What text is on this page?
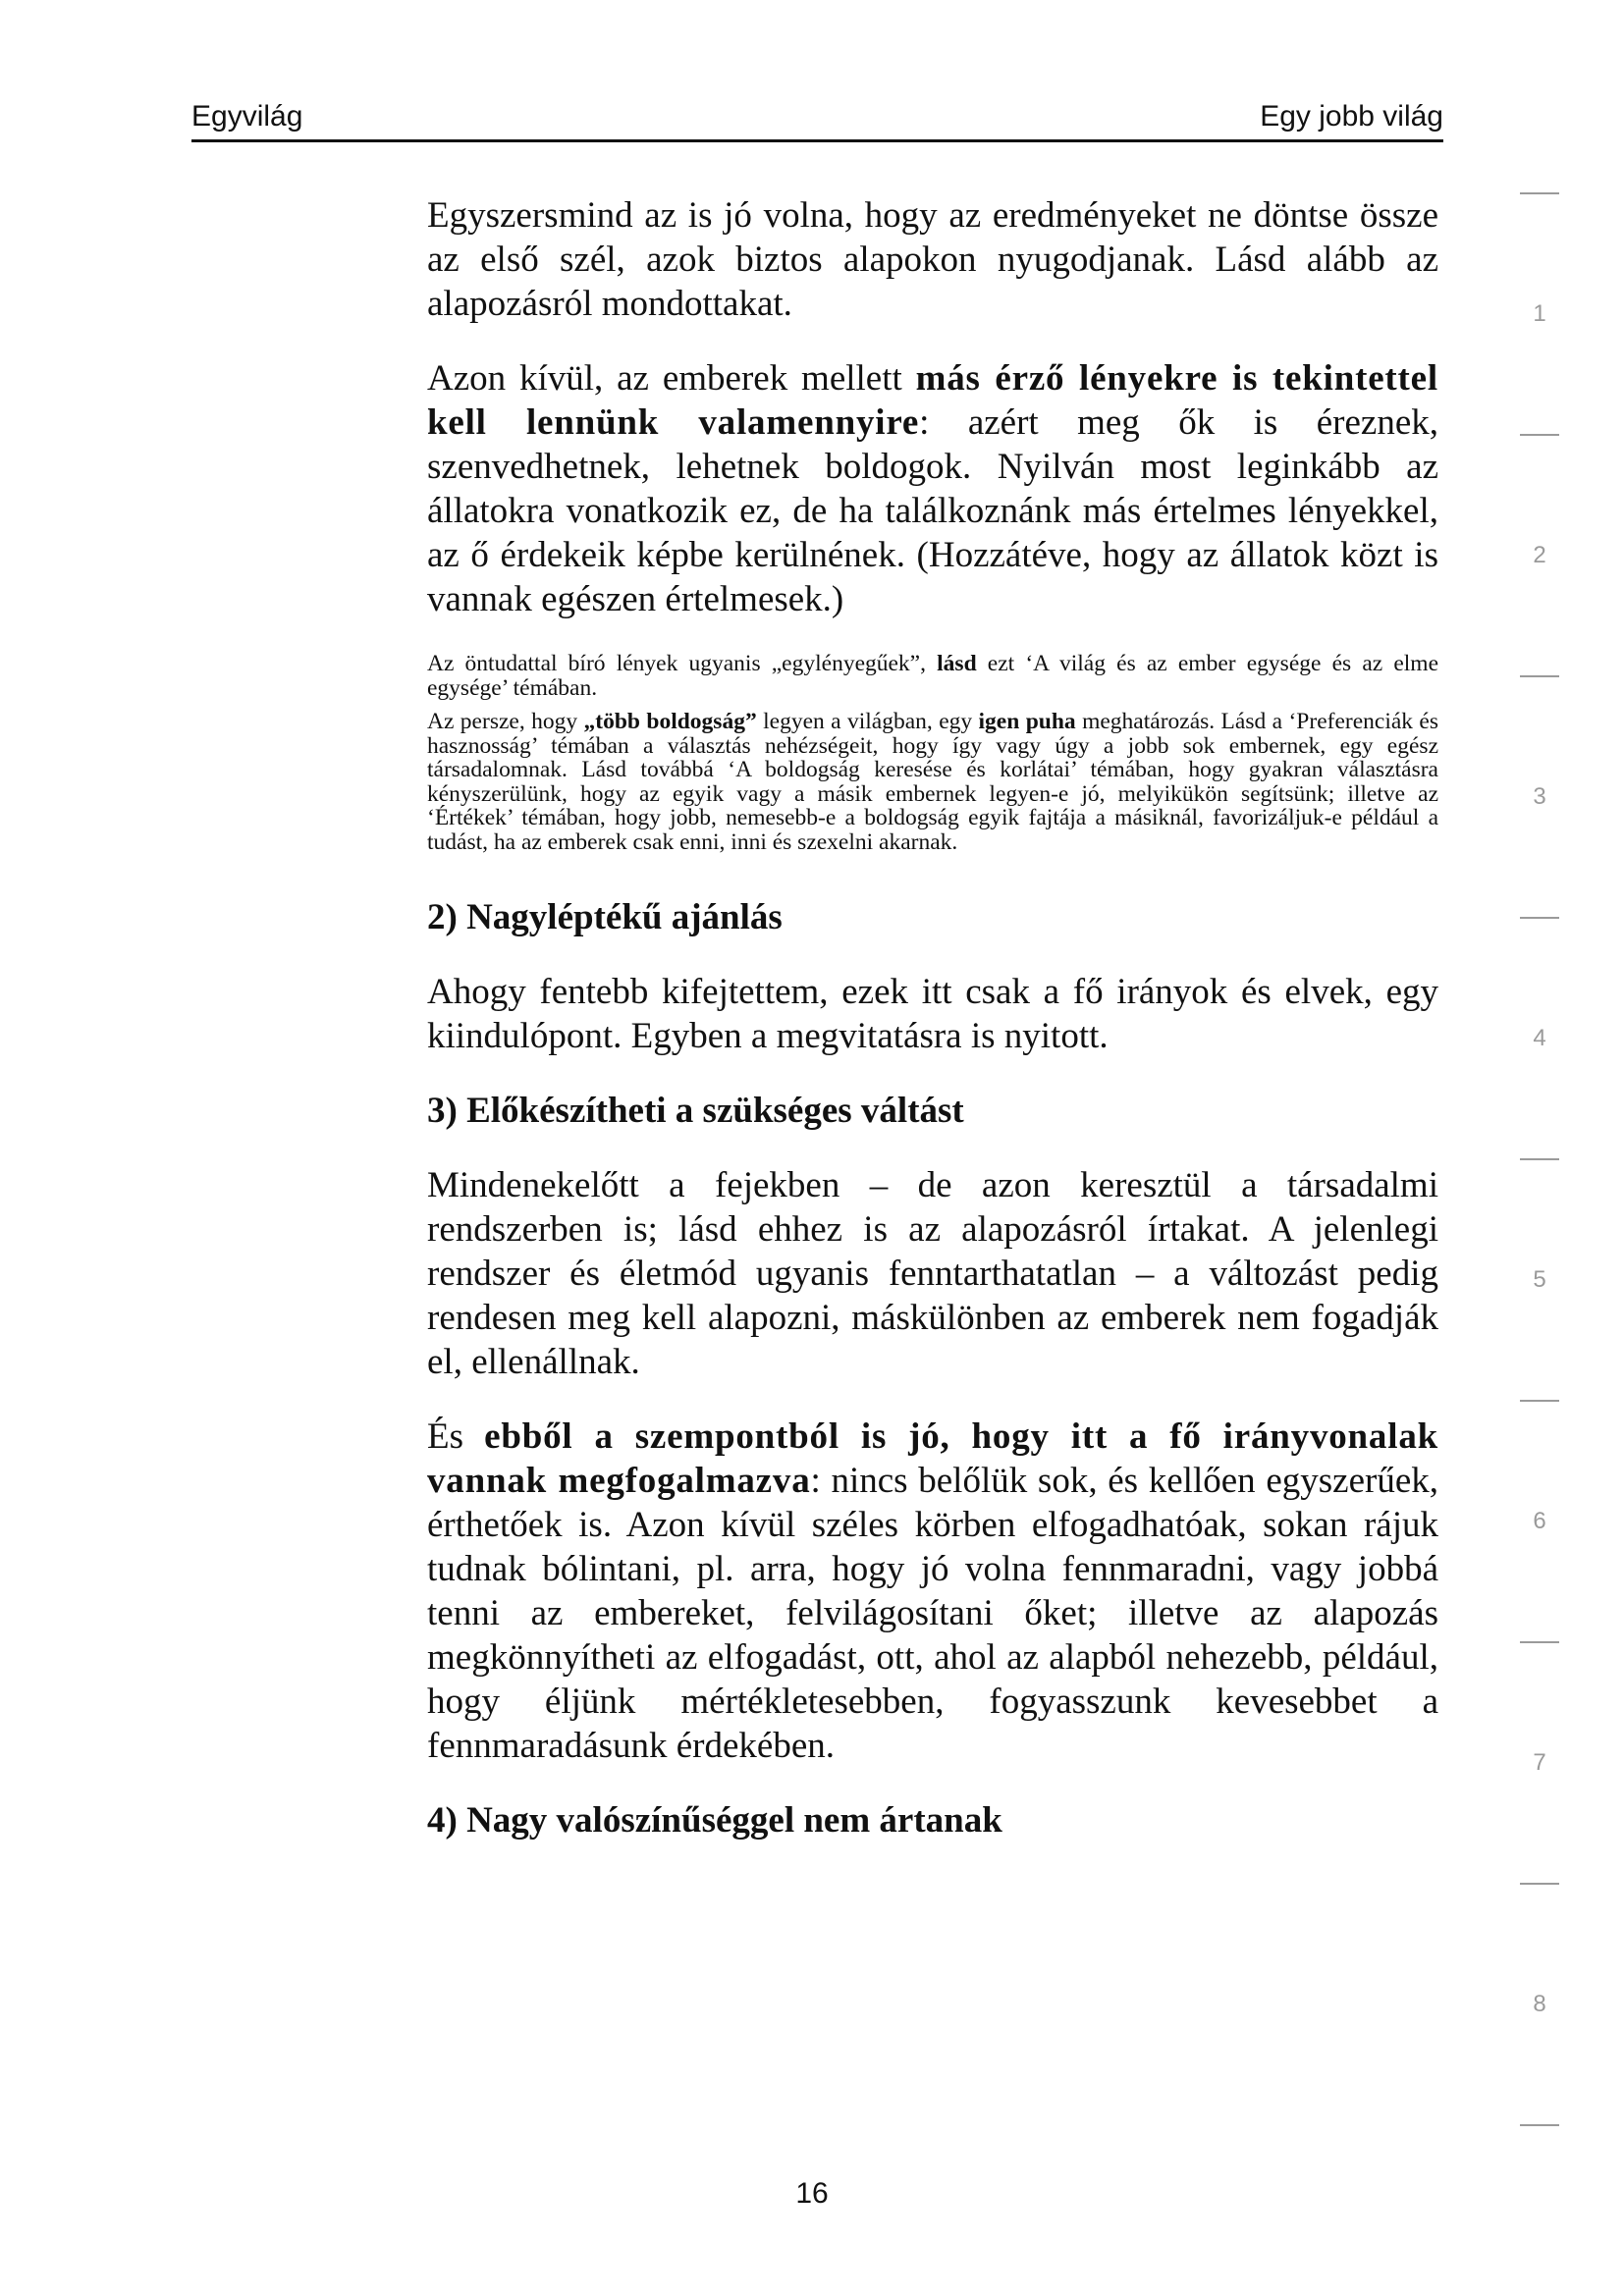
Egyvilág	Egy jobb világ

Egyszersmind az is jó volna, hogy az eredményeket ne döntse össze az első szél, azok biztos alapokon nyugodjanak. Lásd alább az alapozásról mondottakat.

Azon kívül, az emberek mellett más érző lényekre is tekintettel kell lennünk valamennyire: azért meg ők is éreznek, szenvedhetnek, lehetnek boldogok. Nyilván most leginkább az állatokra vonatkozik ez, de ha találkoznánk más értelmes lényekkel, az ő érdekeik képbe kerülnének. (Hozzátéve, hogy az állatok közt is vannak egészen értelmesek.)

Az öntudattal bíró lények ugyanis „egylényegűek”, lásd ezt ‘A világ és az ember egysége és az elme egysége’ témában.

Az persze, hogy „több boldogság” legyen a világban, egy igen puha meghatározás. Lásd a ‘Preferenciák és hasznosság’ témában a választás nehézségeit, hogy így vagy úgy a jobb sok embernek, egy egész társadalomnak. Lásd továbbá ‘A boldogság keresése és korlátai’ témában, hogy gyakran választásra kényszerülünk, hogy az egyik vagy a másik embernek legyen-e jó, melyikükön segítsünk; illetve az ‘Értékek’ témában, hogy jobb, nemesebb-e a boldogság egyik fajtája a másiknál, favorizáljuk-e például a tudást, ha az emberek csak enni, inni és szexelni akarnak.

2) Nagyléptékű ajánlás

Ahogy fentebb kifejtettem, ezek itt csak a fő irányok és elvek, egy kiindulópont. Egyben a megvitatásra is nyitott.

3) Előkészítheti a szükséges váltást

Mindenekelőtt a fejekben – de azon keresztül a társadalmi rendszerben is; lásd ehhez is az alapozásról írtakat. A jelenlegi rendszer és életmód ugyanis fenntarthatatlan – a változást pedig rendesen meg kell alapozni, máskülönben az emberek nem fogadják el, ellenállnak.

És ebből a szempontból is jó, hogy itt a fő irányvonalak vannak megfogalmazva: nincs belőlük sok, és kellően egyszerűek, érthetőek is. Azon kívül széles körben elfogadhatóak, sokan rájuk tudnak bólintani, pl. arra, hogy jó volna fennmaradni, vagy jobbá tenni az embereket, felvilágosítani őket; illetve az alapozás megkönnyítheti az elfogadást, ott, ahol az alapból nehezebb, például, hogy éljünk mértékletesebben, fogyasszunk kevesebbet a fennmaradásunk érdekében.

4) Nagy valószínűséggel nem ártanak
1
2
3
4
5
6
7
8
16
